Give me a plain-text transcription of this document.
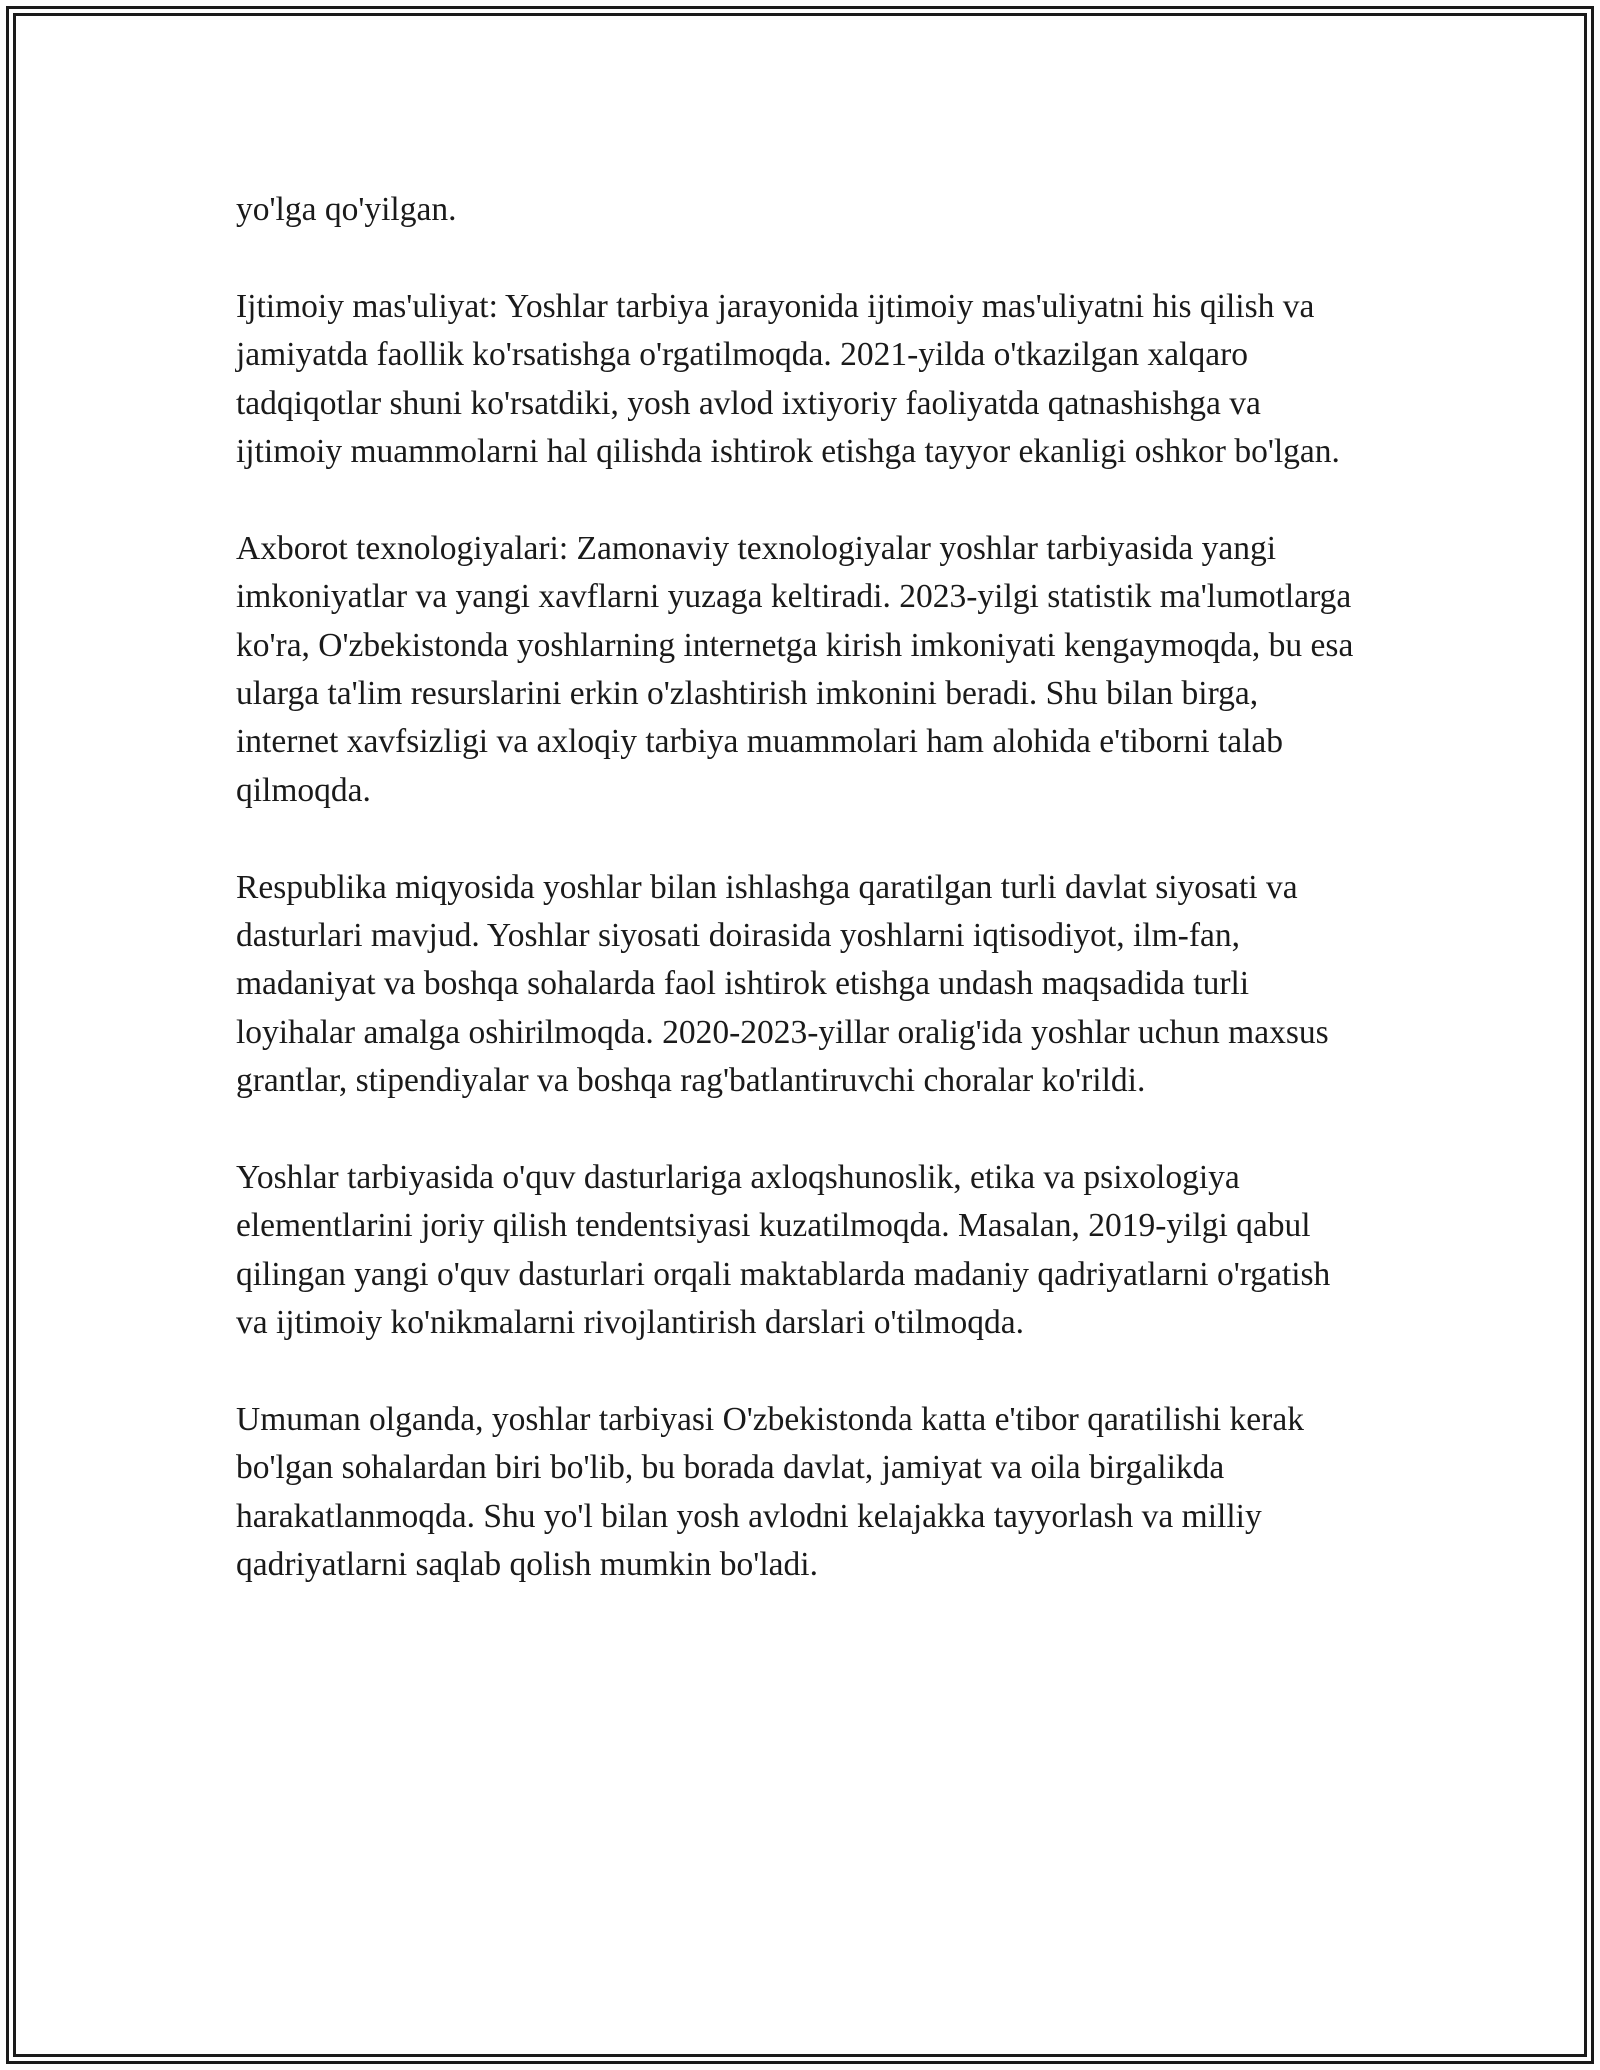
yo'lga qo'yilgan.

Ijtimoiy mas'uliyat: Yoshlar tarbiya jarayonida ijtimoiy mas'uliyatni his qilish va jamiyatda faollik ko'rsatishga o'rgatilmoqda. 2021-yilda o'tkazilgan xalqaro tadqiqotlar shuni ko'rsatdiki, yosh avlod ixtiyoriy faoliyatda qatnashishga va ijtimoiy muammolarni hal qilishda ishtirok etishga tayyor ekanligi oshkor bo'lgan.

Axborot texnologiyalari: Zamonaviy texnologiyalar yoshlar tarbiyasida yangi imkoniyatlar va yangi xavflarni yuzaga keltiradi. 2023-yilgi statistik ma'lumotlarga ko'ra, O'zbekistonda yoshlarning internetga kirish imkoniyati kengaymoqda, bu esa ularga ta'lim resurslarini erkin o'zlashtirish imkonini beradi. Shu bilan birga, internet xavfsizligi va axloqiy tarbiya muammolari ham alohida e'tiborni talab qilmoqda.

Respublika miqyosida yoshlar bilan ishlashga qaratilgan turli davlat siyosati va dasturlari mavjud. Yoshlar siyosati doirasida yoshlarni iqtisodiyot, ilm-fan, madaniyat va boshqa sohalarda faol ishtirok etishga undash maqsadida turli loyihalar amalga oshirilmoqda. 2020-2023-yillar oralig'ida yoshlar uchun maxsus grantlar, stipendiyalar va boshqa rag'batlantiruvchi choralar ko'rildi.

Yoshlar tarbiyasida o'quv dasturlariga axloqshunoslik, etika va psixologiya elementlarini joriy qilish tendentsiyasi kuzatilmoqda. Masalan, 2019-yilgi qabul qilingan yangi o'quv dasturlari orqali maktablarda madaniy qadriyatlarni o'rgatish va ijtimoiy ko'nikmalarni rivojlantirish darslari o'tilmoqda.

Umuman olganda, yoshlar tarbiyasi O'zbekistonda katta e'tibor qaratilishi kerak bo'lgan sohalardan biri bo'lib, bu borada davlat, jamiyat va oila birgalikda harakatlanmoqda. Shu yo'l bilan yosh avlodni kelajakka tayyorlash va milliy qadriyatlarni saqlab qolish mumkin bo'ladi.
